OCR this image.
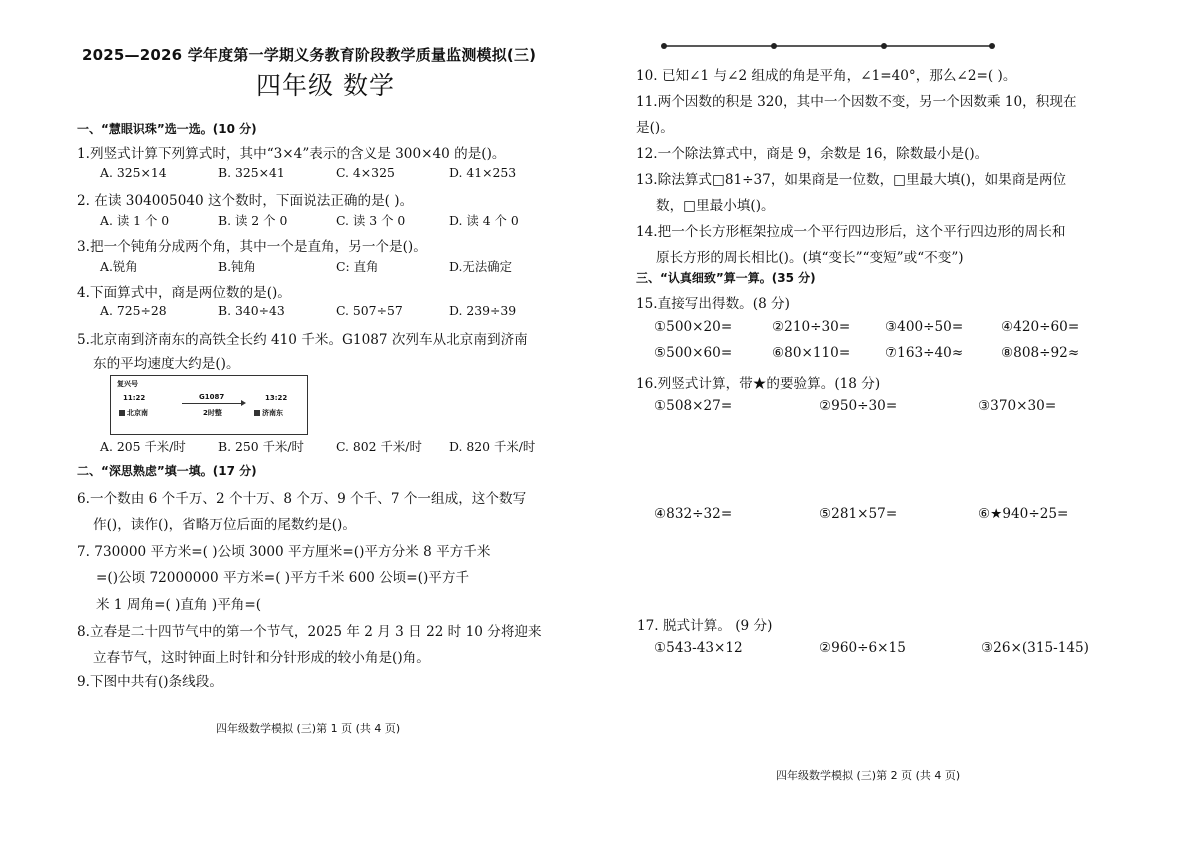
2025—2026 学年度第一学期义务教育阶段教学质量监测模拟(三)
四年级 数学
一、“慧眼识珠”选一选。(10 分)
1.列竖式计算下列算式时，其中“3×4”表示的含义是 300×40 的是()。
A. 325×14	B. 325×41	C. 4×325	D. 41×253
2. 在读 304005040 这个数时，下面说法正确的是( )。
A. 读 1 个 0	B. 读 2 个 0	C. 读 3 个 0	D. 读 4 个 0
3.把一个钝角分成两个角，其中一个是直角，另一个是()。
A.锐角	B.钝角	C: 直角	D.无法确定
4.下面算式中，商是两位数的是()。
A. 725÷28	B. 340÷43	C. 507÷57	D. 239÷39
5.北京南到济南东的高铁全长约 410 千米。G1087 次列车从北京南到济南
东的平均速度大约是()。
复兴号
11:22
北京南
G1087
2时整
13:22
济南东
A. 205 千米/时	B. 250 千米/时	C. 802 千米/时 D. 820 千米/时
二、“深思熟虑”填一填。(17 分)
6.一个数由 6 个千万、2 个十万、8 个万、9 个千、7 个一组成，这个数写
作()，读作()，省略万位后面的尾数约是()。
7. 730000 平方米=( )公顷 3000 平方厘米=()平方分米 8 平方千米
=()公顷 72000000 平方米=( )平方千米 600 公顷=()平方千
米 1 周角=( )直角 )平角=(
8.立春是二十四节气中的第一个节气，2025 年 2 月 3 日 22 时 10 分将迎来
立春节气，这时钟面上时针和分针形成的较小角是()角。
9.下图中共有()条线段。
四年级数学模拟 (三)第 1 页 (共 4 页)
10. 已知∠1 与∠2 组成的角是平角，∠1=40°，那么∠2=( )。
11.两个因数的积是 320，其中一个因数不变，另一个因数乘 10，积现在
是()。
12.一个除法算式中，商是 9，余数是 16，除数最小是()。
13.除法算式□81÷37，如果商是一位数，□里最大填()，如果商是两位
数，□里最小填()。
14.把一个长方形框架拉成一个平行四边形后，这个平行四边形的周长和
原长方形的周长相比()。(填“变长”“变短”或“不变”)
三、“认真细致”算一算。(35 分)
15.直接写出得数。(8 分)
①500×20=	②210÷30=	③400÷50=	④420÷60=
⑤500×60=	⑥80×110=	⑦163÷40≈	⑧808÷92≈
16.列竖式计算，带★的要验算。(18 分)
①508×27=	②950÷30=	③370×30=
④832÷32=	⑤281×57=	⑥★940÷25=
17. 脱式计算。 (9 分)
①543-43×12	②960÷6×15	③26×(315-145)
四年级数学模拟 (三)第 2 页 (共 4 页)
